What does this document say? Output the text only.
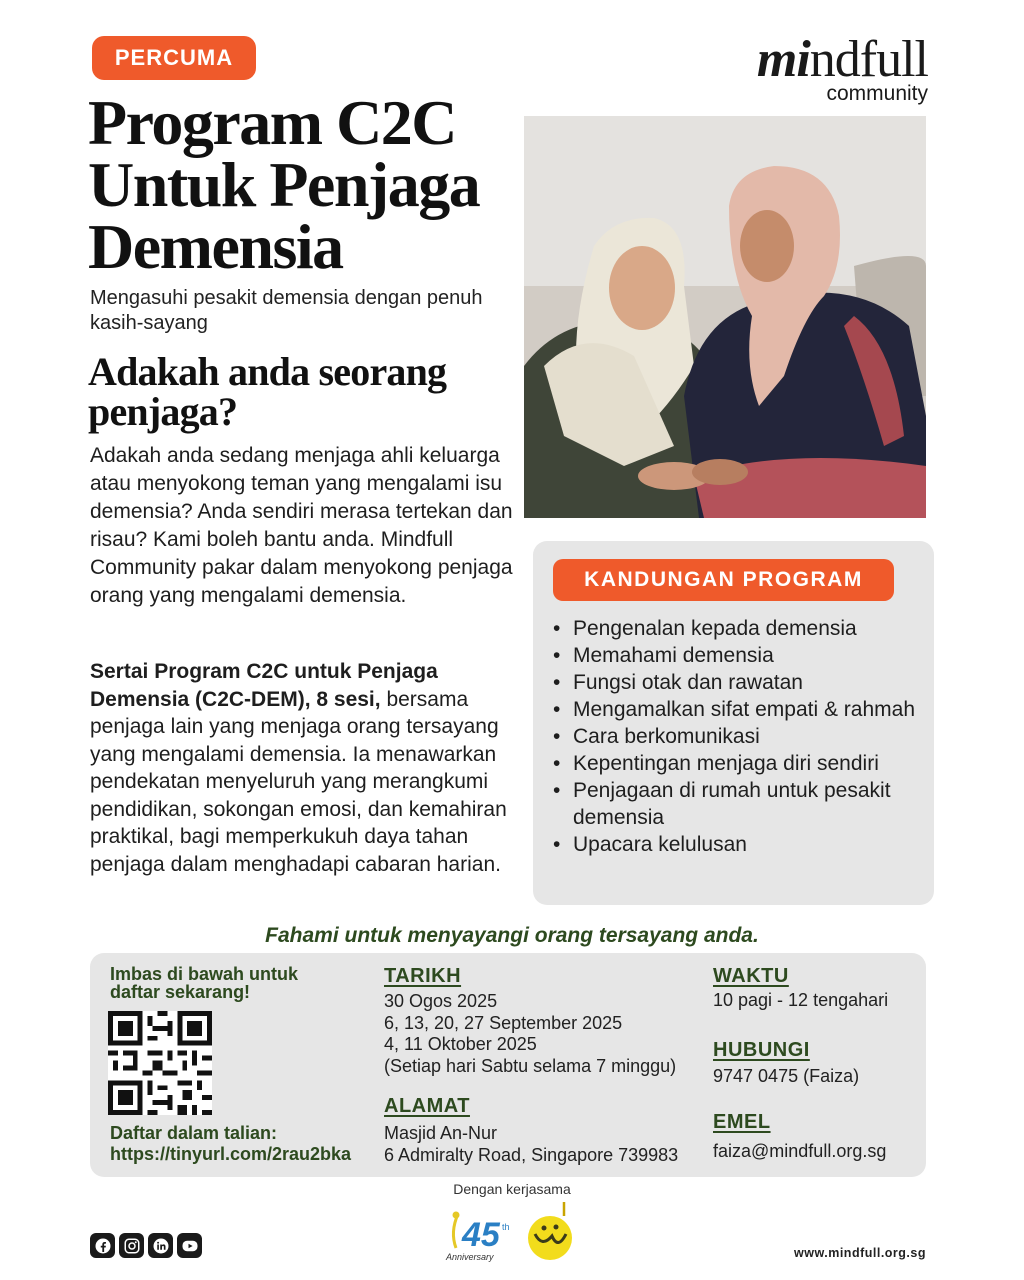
PERCUMA	mindfull
community
Program C2C Untuk Penjaga Demensia
Mengasuhi pesakit demensia dengan penuh kasih-sayang
Adakah anda seorang penjaga?

Adakah anda sedang menjaga ahli keluarga atau menyokong teman yang mengalami isu demensia? Anda sendiri merasa tertekan dan risau? Kami boleh bantu anda. Mindfull Community pakar dalam menyokong penjaga orang yang mengalami demensia.

Sertai Program C2C untuk Penjaga Demensia (C2C-DEM), 8 sesi, bersama penjaga lain yang menjaga orang tersayang yang mengalami demensia. Ia menawarkan pendekatan menyeluruh yang merangkumi pendidikan, sokongan emosi, dan kemahiran praktikal, bagi memperkukuh daya tahan penjaga dalam menghadapi cabaran harian.

KANDUNGAN PROGRAM
• Pengenalan kepada demensia
• Memahami demensia
• Fungsi otak dan rawatan
• Mengamalkan sifat empati & rahmah
• Cara berkomunikasi
• Kepentingan menjaga diri sendiri
• Penjagaan di rumah untuk pesakit demensia
• Upacara kelulusan
Fahami untuk menyayangi orang tersayang anda.
Imbas di bawah untuk daftar sekarang!
Daftar dalam talian:
https://tinyurl.com/2rau2bka
TARIKH
30 Ogos 2025
6, 13, 20, 27 September 2025
4, 11 Oktober 2025
(Setiap hari Sabtu selama 7 minggu)
ALAMAT
Masjid An-Nur
6 Admiralty Road, Singapore 739983
WAKTU
10 pagi - 12 tengahari
HUBUNGI
9747 0475 (Faiza)
EMEL
faiza@mindfull.org.sg
Dengan kerjasama
45 th
Anniversary	www.mindfull.org.sg
